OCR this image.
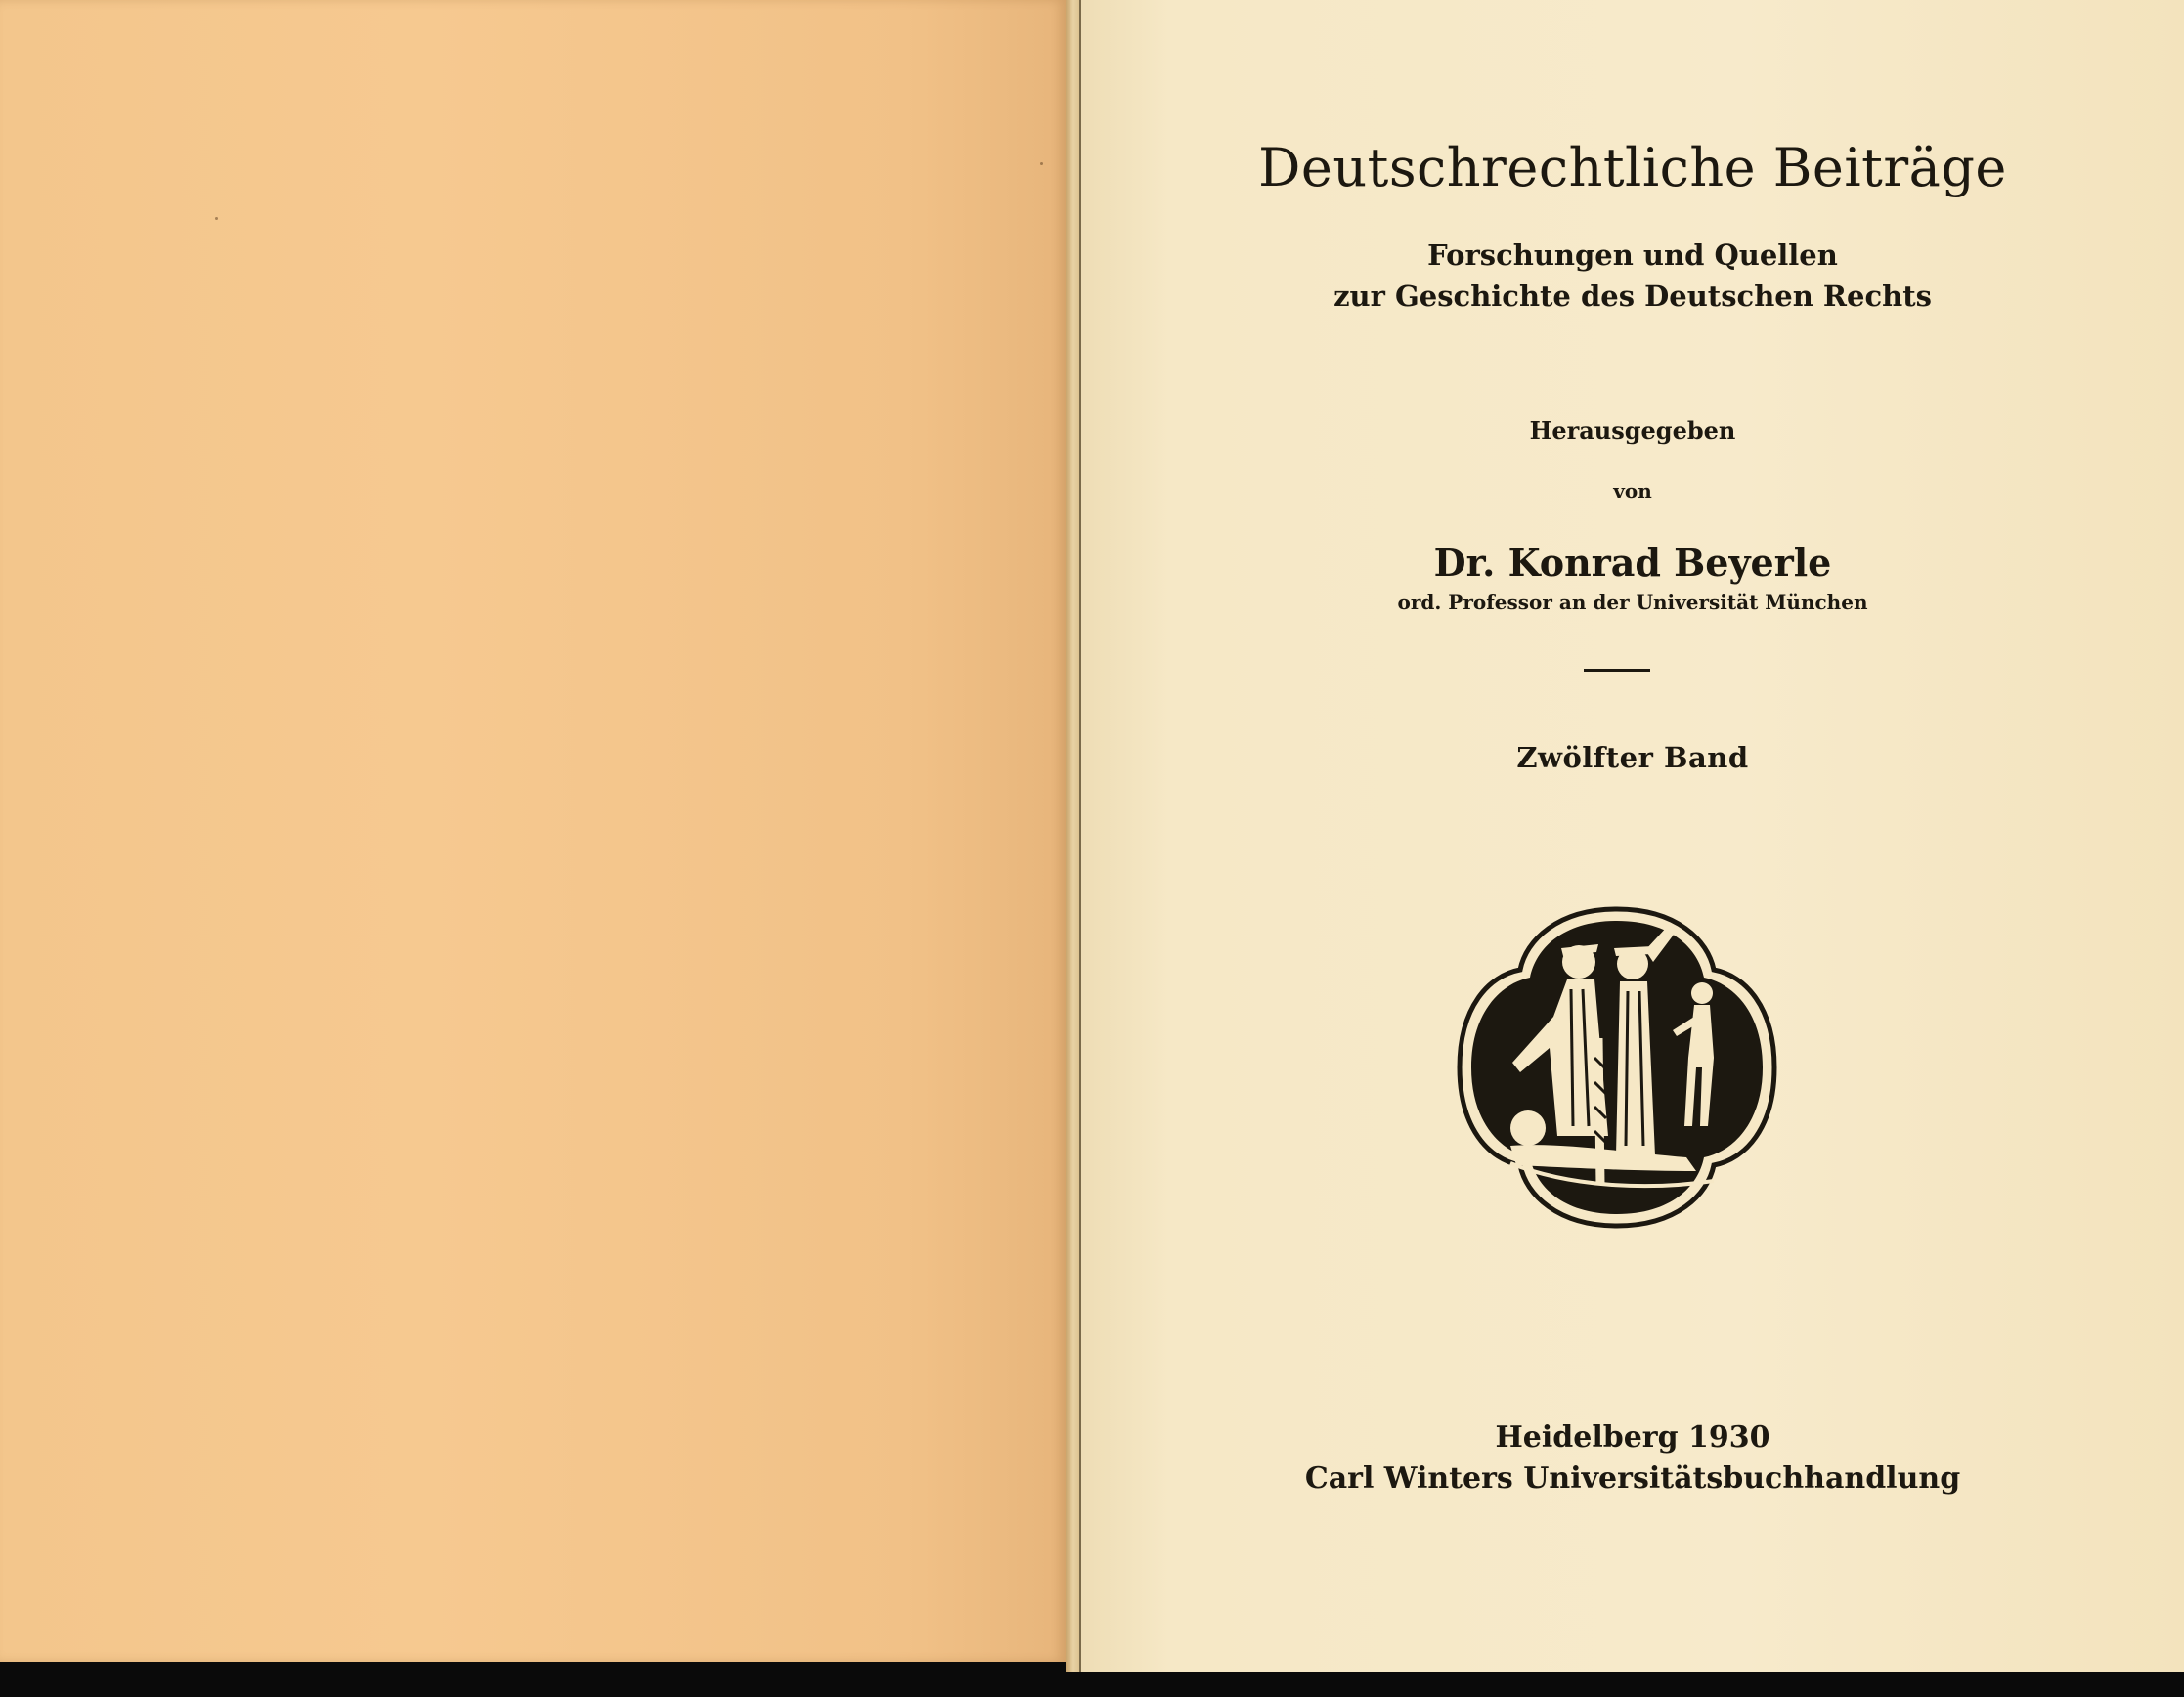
Deutschrechtliche Beiträge
Forschungen und Quellen
zur Geschichte des Deutschen Rechts
Herausgegeben
von
Dr. Konrad Beyerle
ord. Professor an der Universität München
Zwölfter Band
Heidelberg 1930
Carl Winters Universitätsbuchhandlung
